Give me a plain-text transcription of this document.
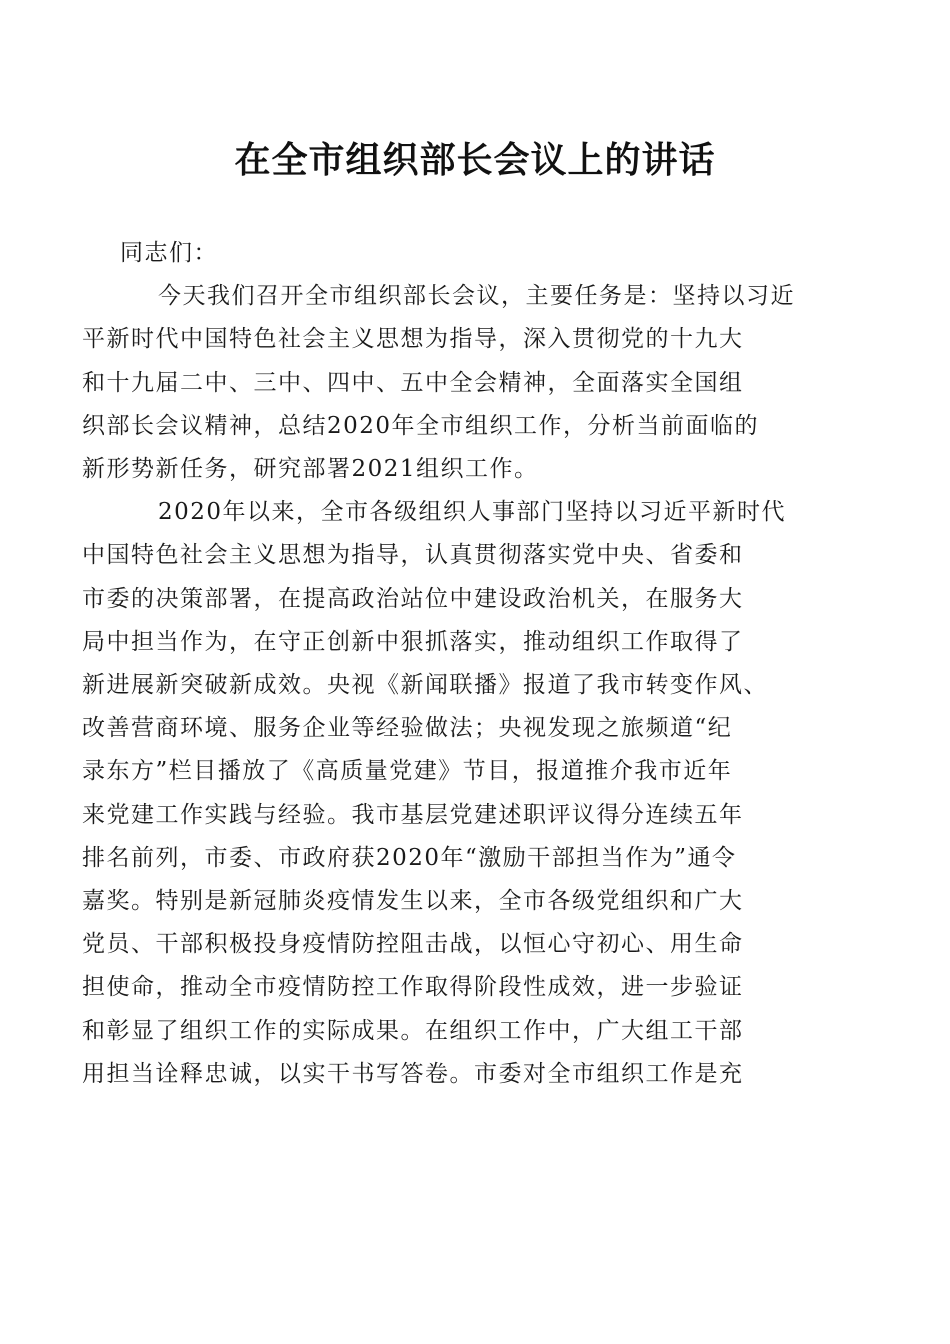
在全市组织部长会议上的讲话

同志们：

今天我们召开全市组织部长会议，主要任务是：坚持以习近
平新时代中国特色社会主义思想为指导，深入贯彻党的十九大
和十九届二中、三中、四中、五中全会精神，全面落实全国组
织部长会议精神，总结2020年全市组织工作，分析当前面临的
新形势新任务，研究部署2021组织工作。

2020年以来，全市各级组织人事部门坚持以习近平新时代
中国特色社会主义思想为指导，认真贯彻落实党中央、省委和
市委的决策部署，在提高政治站位中建设政治机关，在服务大
局中担当作为，在守正创新中狠抓落实，推动组织工作取得了
新进展新突破新成效。央视《新闻联播》报道了我市转变作风、
改善营商环境、服务企业等经验做法；央视发现之旅频道“纪
录东方”栏目播放了《高质量党建》节目，报道推介我市近年
来党建工作实践与经验。我市基层党建述职评议得分连续五年
排名前列，市委、市政府获2020年“激励干部担当作为”通令
嘉奖。特别是新冠肺炎疫情发生以来，全市各级党组织和广大
党员、干部积极投身疫情防控阻击战，以恒心守初心、用生命
担使命，推动全市疫情防控工作取得阶段性成效，进一步验证
和彰显了组织工作的实际成果。在组织工作中，广大组工干部
用担当诠释忠诚，以实干书写答卷。市委对全市组织工作是充
